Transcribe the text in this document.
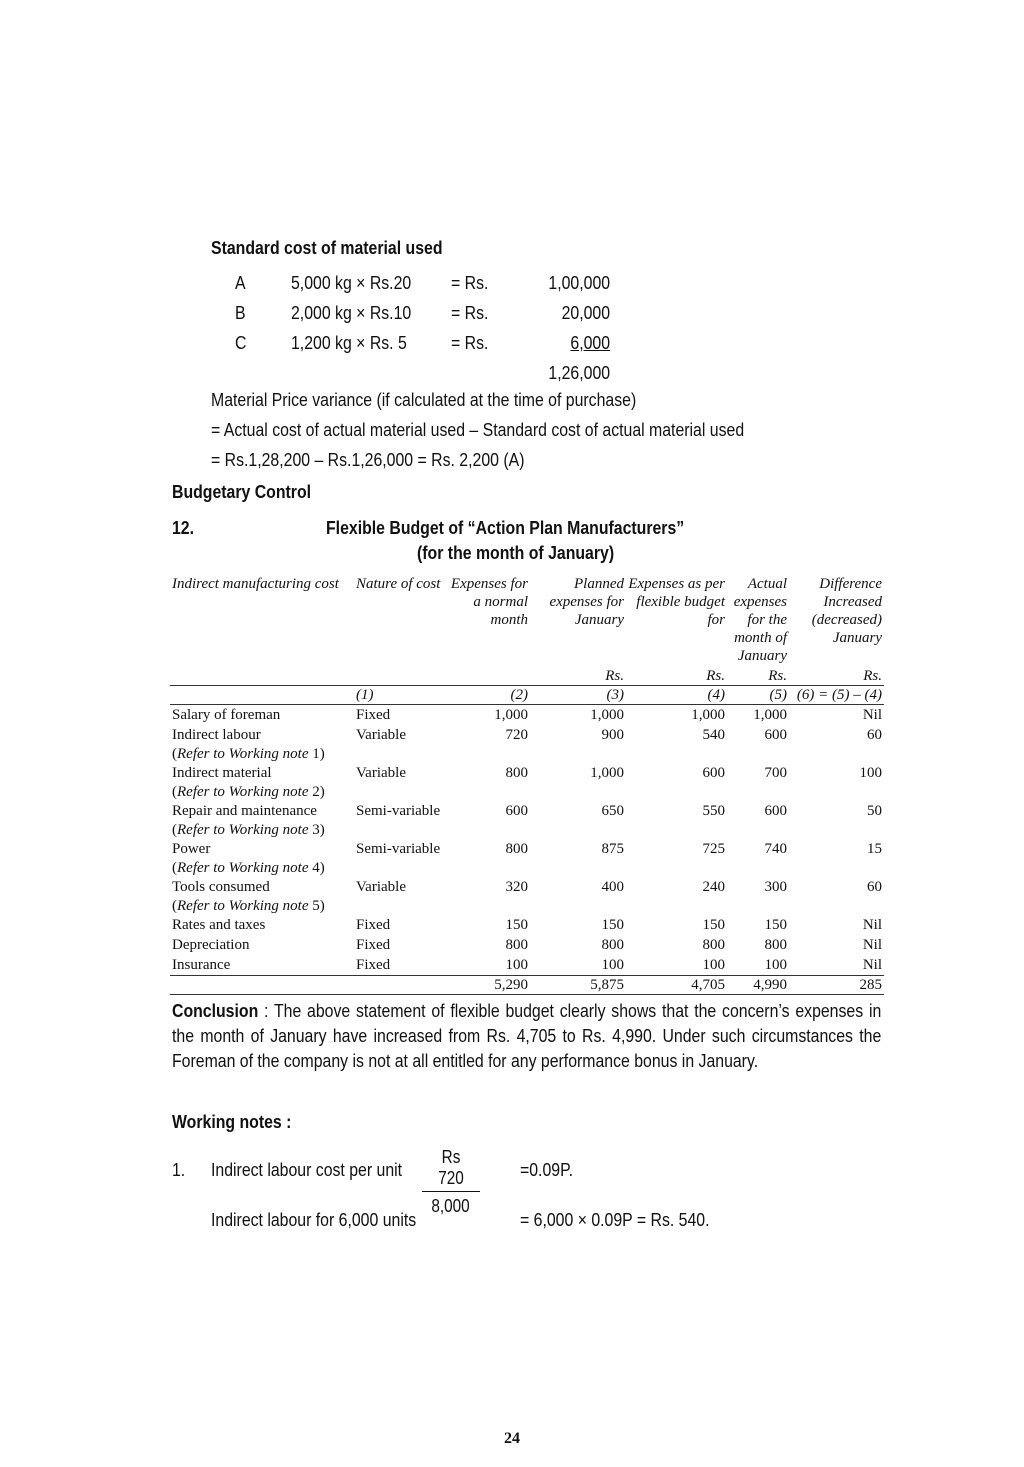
Standard cost of material used
A	5,000 kg × Rs.20 = Rs.	1,00,000
B	2,000 kg × Rs.10 = Rs.	20,000
C 1,200 kg × Rs. 5 = Rs.	6,000
1,26,000
Material Price variance (if calculated at the time of purchase)
= Actual cost of actual material used – Standard cost of actual material used
= Rs.1,28,200 – Rs.1,26,000 = Rs. 2,200 (A)
Budgetary Control
12.	Flexible Budget of “Action Plan Manufacturers”
(for the month of January)
Indirect manufacturing cost	Nature of cost	Expenses for a normal month	Planned expenses for January	Expenses as per flexible budget for	Actual expenses for the month of January	Difference Increased (decreased) January
			Rs.	Rs.	Rs.	Rs.
	(1)	(2)	(3)	(4)	(5)	(6) = (5) – (4)
Salary of foreman	Fixed	1,000	1,000	1,000	1,000	Nil
Indirect labour	Variable	720	900	540	600	60
(Refer to Working note 1)						
Indirect material	Variable	800	1,000	600	700	100
(Refer to Working note 2)						
Repair and maintenance	Semi-variable	600	650	550	600	50
(Refer to Working note 3)						
Power	Semi-variable	800	875	725	740	15
(Refer to Working note 4)						
Tools consumed	Variable	320	400	240	300	60
(Refer to Working note 5)						
Rates and taxes	Fixed	150	150	150	150	Nil
Depreciation	Fixed	800	800	800	800	Nil
Insurance	Fixed	100	100	100	100	Nil
		5,290	5,875	4,705	4,990	285
Conclusion : The above statement of flexible budget clearly shows that the concern’s expenses in the month of January have increased from Rs. 4,705 to Rs. 4,990. Under such circumstances the Foreman of the company is not at all entitled for any performance bonus in January.
Working notes :
1. Indirect labour cost per unit $\frac{Rs 720}{8,000} =0.09P$.
Indirect labour for 6,000 units	= 6,000 × 0.09P = Rs. 540.
24
